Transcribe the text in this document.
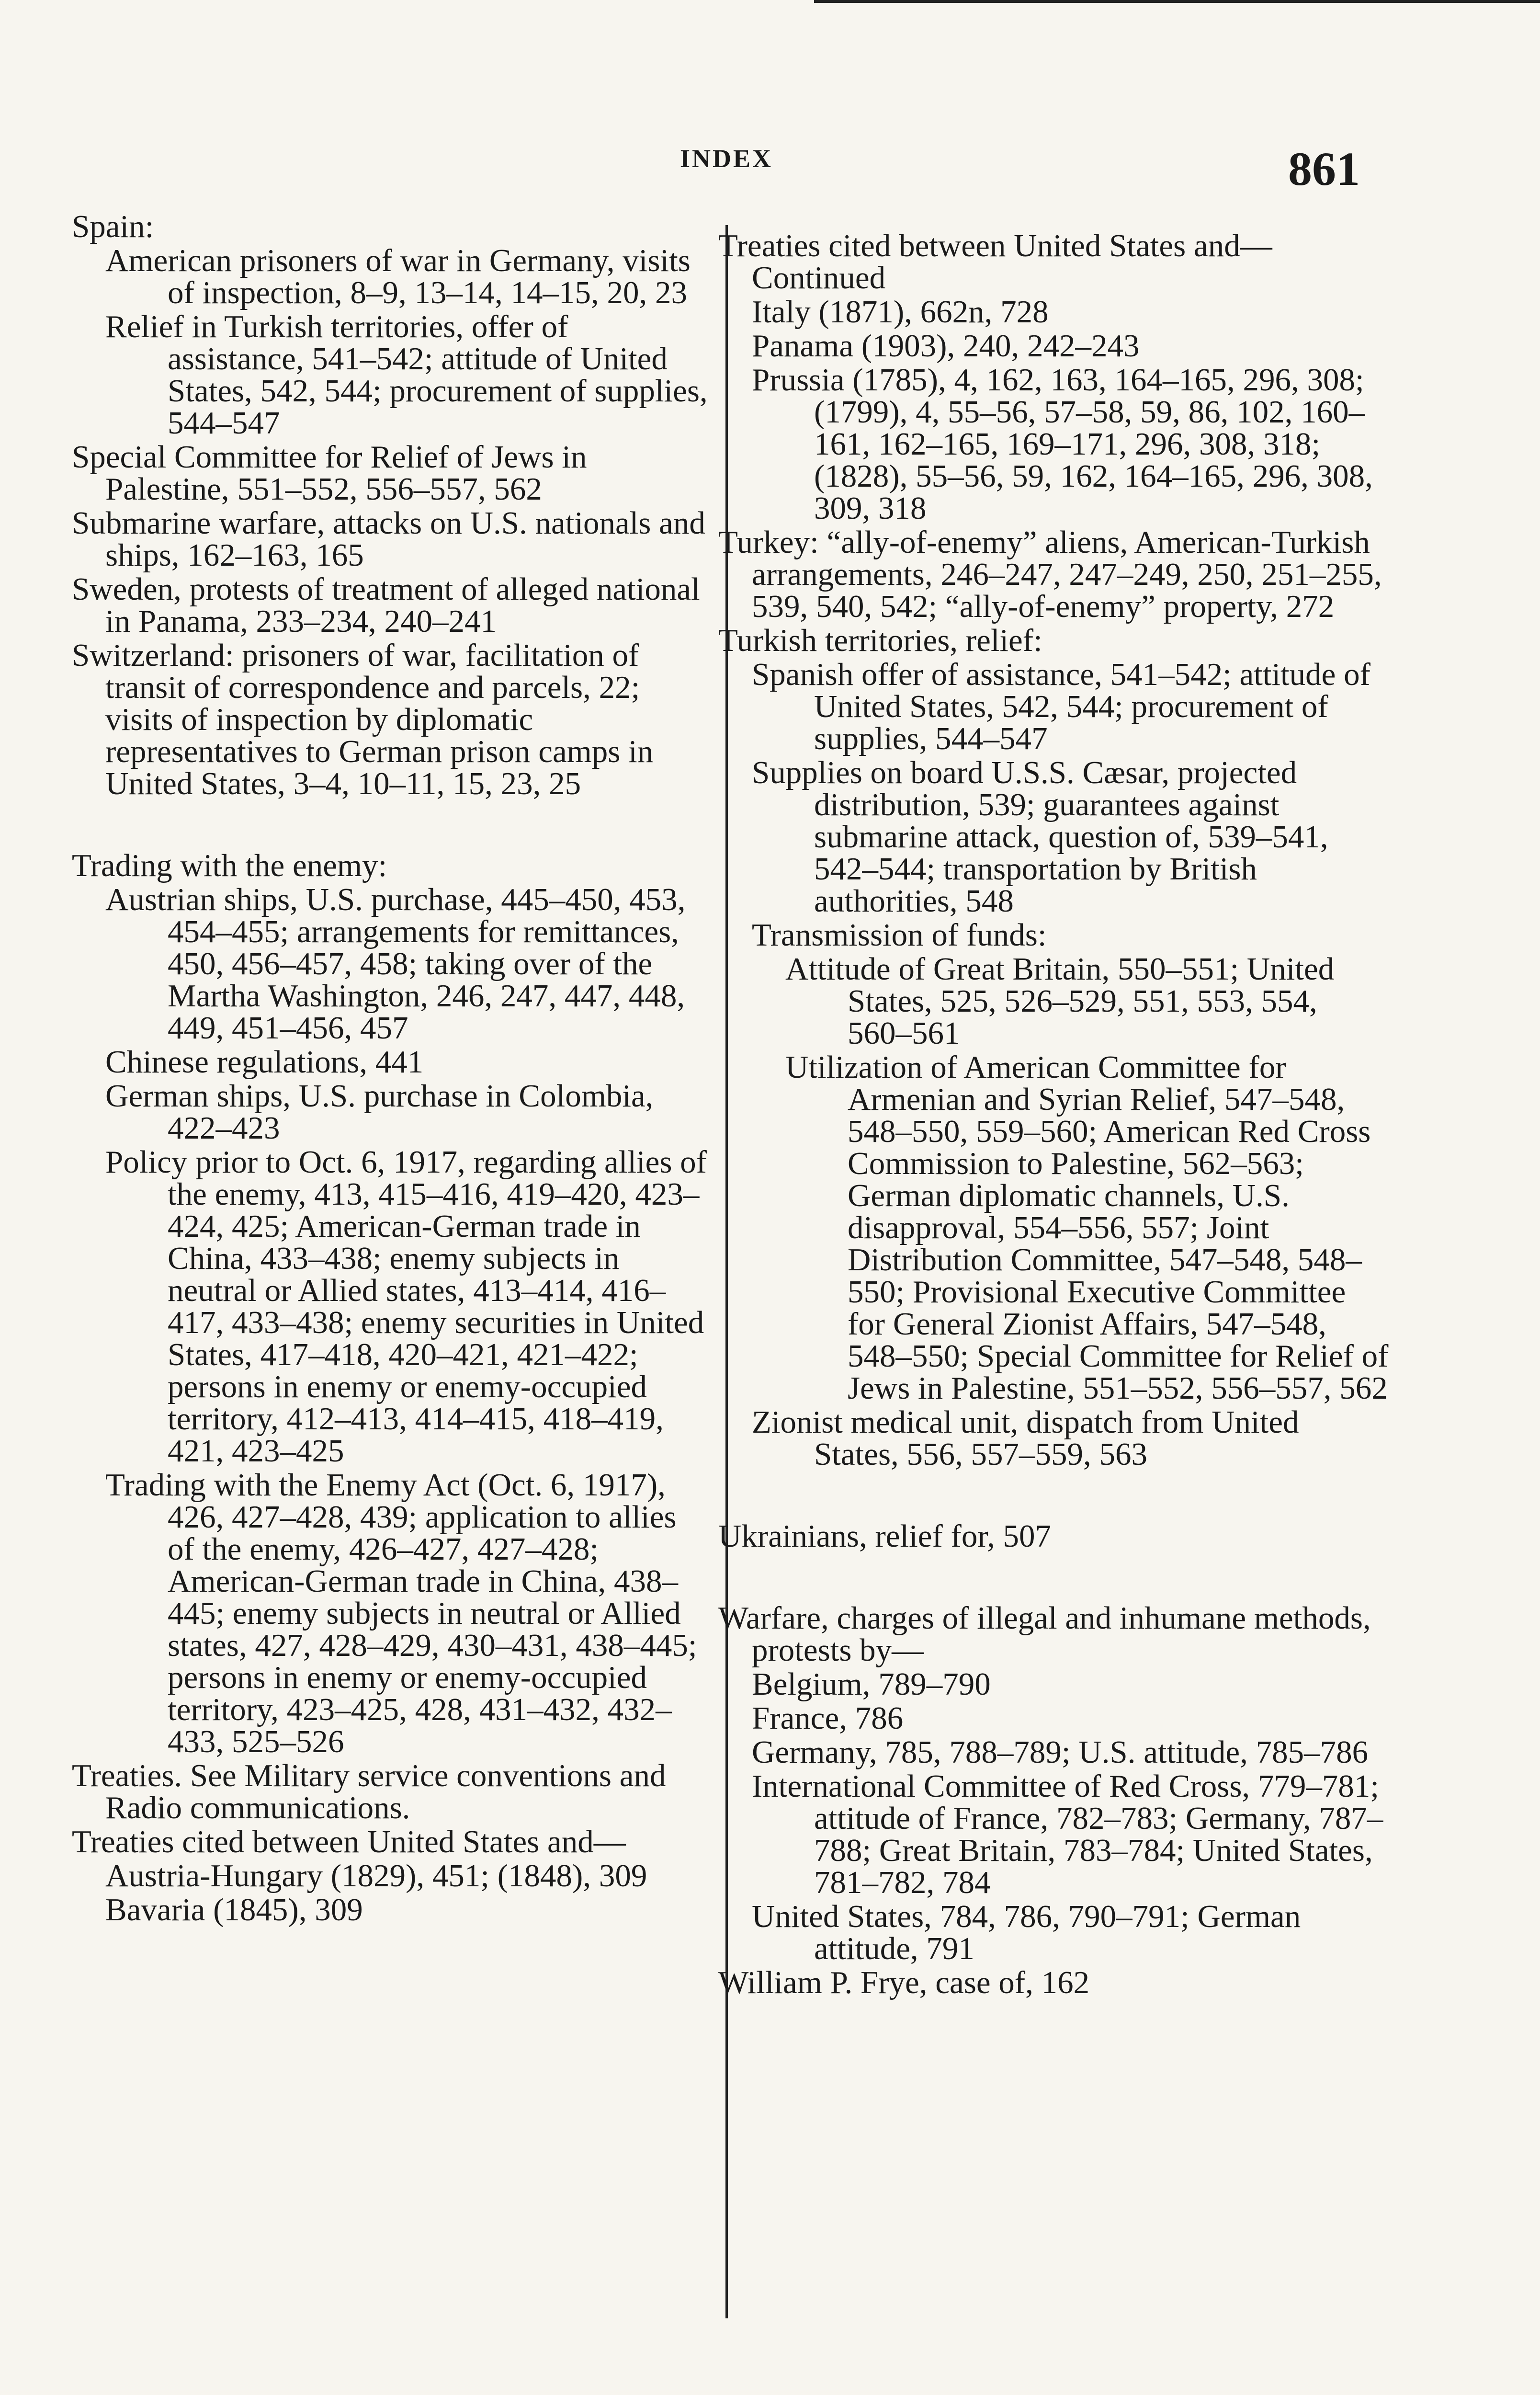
INDEX	861
Spain:
American prisoners of war in Germany, visits of inspection, 8–9, 13–14, 14–15, 20, 23
Relief in Turkish territories, offer of assistance, 541–542; attitude of United States, 542, 544; procurement of supplies, 544–547
Special Committee for Relief of Jews in Palestine, 551–552, 556–557, 562
Submarine warfare, attacks on U.S. nationals and ships, 162–163, 165
Sweden, protests of treatment of alleged national in Panama, 233–234, 240–241
Switzerland: prisoners of war, facilitation of transit of correspondence and parcels, 22; visits of inspection by diplomatic representatives to German prison camps in United States, 3–4, 10–11, 15, 23, 25
Trading with the enemy:
Austrian ships, U.S. purchase, 445–450, 453, 454–455; arrangements for remittances, 450, 456–457, 458; taking over of the Martha Washington, 246, 247, 447, 448, 449, 451–456, 457
Chinese regulations, 441
German ships, U.S. purchase in Colombia, 422–423
Policy prior to Oct. 6, 1917, regarding allies of the enemy, 413, 415–416, 419–420, 423–424, 425; American-German trade in China, 433–438; enemy subjects in neutral or Allied states, 413–414, 416–417, 433–438; enemy securities in United States, 417–418, 420–421, 421–422; persons in enemy or enemy-occupied territory, 412–413, 414–415, 418–419, 421, 423–425
Trading with the Enemy Act (Oct. 6, 1917), 426, 427–428, 439; application to allies of the enemy, 426–427, 427–428; American-German trade in China, 438–445; enemy subjects in neutral or Allied states, 427, 428–429, 430–431, 438–445; persons in enemy or enemy-occupied territory, 423–425, 428, 431–432, 432–433, 525–526
Treaties. See Military service conventions and Radio communications.
Treaties cited between United States and—
Austria-Hungary (1829), 451; (1848), 309
Bavaria (1845), 309
Treaties cited between United States and—Continued
Italy (1871), 662n, 728
Panama (1903), 240, 242–243
Prussia (1785), 4, 162, 163, 164–165, 296, 308; (1799), 4, 55–56, 57–58, 59, 86, 102, 160–161, 162–165, 169–171, 296, 308, 318; (1828), 55–56, 59, 162, 164–165, 296, 308, 309, 318
Turkey: “ally-of-enemy” aliens, American-Turkish arrangements, 246–247, 247–249, 250, 251–255, 539, 540, 542; “ally-of-enemy” property, 272
Turkish territories, relief:
Spanish offer of assistance, 541–542; attitude of United States, 542, 544; procurement of supplies, 544–547
Supplies on board U.S.S. Cæsar, projected distribution, 539; guarantees against submarine attack, question of, 539–541, 542–544; transportation by British authorities, 548
Transmission of funds:
Attitude of Great Britain, 550–551; United States, 525, 526–529, 551, 553, 554, 560–561
Utilization of American Committee for Armenian and Syrian Relief, 547–548, 548–550, 559–560; American Red Cross Commission to Palestine, 562–563; German diplomatic channels, U.S. disapproval, 554–556, 557; Joint Distribution Committee, 547–548, 548–550; Provisional Executive Committee for General Zionist Affairs, 547–548, 548–550; Special Committee for Relief of Jews in Palestine, 551–552, 556–557, 562
Zionist medical unit, dispatch from United States, 556, 557–559, 563
Ukrainians, relief for, 507
Warfare, charges of illegal and inhumane methods, protests by—
Belgium, 789–790
France, 786
Germany, 785, 788–789; U.S. attitude, 785–786
International Committee of Red Cross, 779–781; attitude of France, 782–783; Germany, 787–788; Great Britain, 783–784; United States, 781–782, 784
United States, 784, 786, 790–791; German attitude, 791
William P. Frye, case of, 162
